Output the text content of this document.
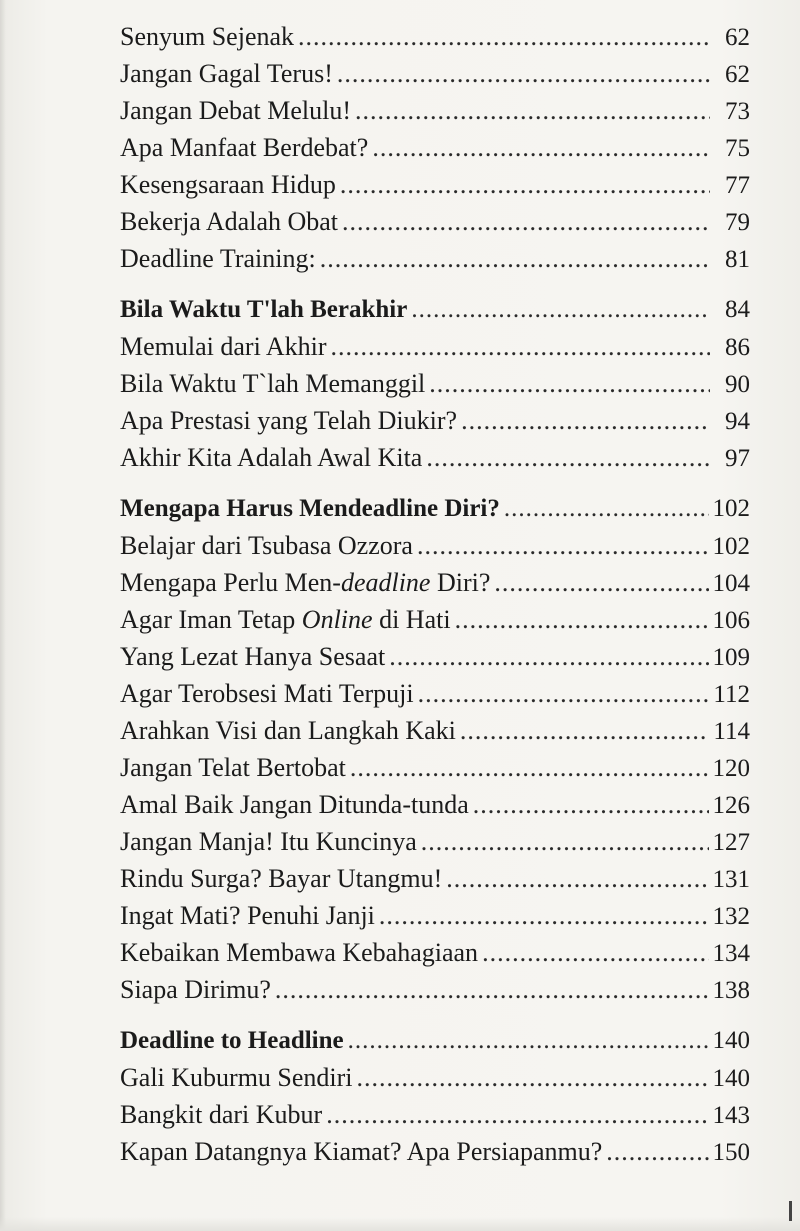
Senyum Sejenak .....	62
Jangan Gagal Terus! .....	62
Jangan Debat Melulu! .....	73
Apa Manfaat Berdebat? .....	75
Kesengsaraan Hidup .....	77
Bekerja Adalah Obat .....	79
Deadline Training: .....	81
Bila Waktu T'lah Berakhir .....	84
Memulai dari Akhir .....	86
Bila Waktu T`lah Memanggil .....	90
Apa Prestasi yang Telah Diukir? .....	94
Akhir Kita Adalah Awal Kita .....	97
Mengapa Harus Mendeadline Diri? .....	102
Belajar dari Tsubasa Ozzora .....	102
Mengapa Perlu Men-deadline Diri? .....	104
Agar Iman Tetap Online di Hati .....	106
Yang Lezat Hanya Sesaat .....	109
Agar Terobsesi Mati Terpuji .....	112
Arahkan Visi dan Langkah Kaki .....	114
Jangan Telat Bertobat .....	120
Amal Baik Jangan Ditunda-tunda .....	126
Jangan Manja! Itu Kuncinya .....	127
Rindu Surga? Bayar Utangmu! .....	131
Ingat Mati? Penuhi Janji .....	132
Kebaikan Membawa Kebahagiaan .....	134
Siapa Dirimu? .....	138
Deadline to Headline .....	140
Gali Kuburmu Sendiri .....	140
Bangkit dari Kubur .....	143
Kapan Datangnya Kiamat? Apa Persiapanmu? .....	150
